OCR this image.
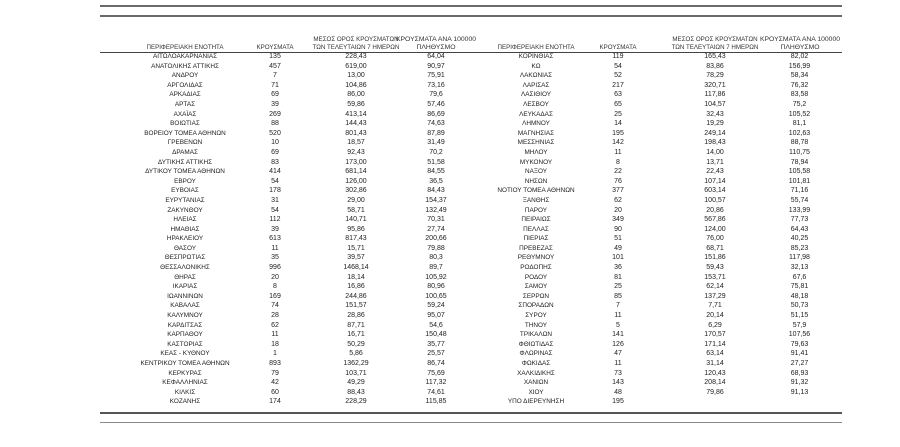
ΠΕΡΙΦΕΡΕΙΑΚΗ ΕΝΟΤΗΤΑ	ΚΡΟΥΣΜΑΤΑ
ΜΕΣΟΣ ΟΡΟΣ ΚΡΟΥΣΜΑΤΩΝ
ΤΩΝ ΤΕΛΕΥΤΑΙΩΝ 7 ΗΜΕΡΩΝ
ΚΡΟΥΣΜΑΤΑ ΑΝΑ 100000
ΠΛΗΘΥΣΜΟ
ΑΙΤΩΛΟΑΚΑΡΝΑΝΙΑΣ	135	228,43	64,04
ΑΝΑΤΟΛΙΚΗΣ ΑΤΤΙΚΗΣ	457	619,00	90,97
ΑΝΔΡΟΥ	7	13,00	75,91
ΑΡΓΟΛΙΔΑΣ	71	104,86	73,16
ΑΡΚΑΔΙΑΣ	69	86,00	79,6
ΑΡΤΑΣ	39	59,86	57,46
ΑΧΑΪΑΣ	269	413,14	86,69
ΒΟΙΩΤΙΑΣ	88	144,43	74,63
ΒΟΡΕΙΟΥ ΤΟΜΕΑ ΑΘΗΝΩΝ	520	801,43	87,89
ΓΡΕΒΕΝΩΝ	10	18,57	31,49
ΔΡΑΜΑΣ	69	92,43	70,2
ΔΥΤΙΚΗΣ ΑΤΤΙΚΗΣ	83	173,00	51,58
ΔΥΤΙΚΟΥ ΤΟΜΕΑ ΑΘΗΝΩΝ	414	681,14	84,55
ΕΒΡΟΥ	54	126,00	36,5
ΕΥΒΟΙΑΣ	178	302,86	84,43
ΕΥΡΥΤΑΝΙΑΣ	31	29,00	154,37
ΖΑΚΥΝΘΟΥ	54	58,71	132,49
ΗΛΕΙΑΣ	112	140,71	70,31
ΗΜΑΘΙΑΣ	39	95,86	27,74
ΗΡΑΚΛΕΙΟΥ	613	817,43	200,66
ΘΑΣΟΥ	11	15,71	79,88
ΘΕΣΠΡΩΤΙΑΣ	35	39,57	80,3
ΘΕΣΣΑΛΟΝΙΚΗΣ	996	1468,14	89,7
ΘΗΡΑΣ	20	18,14	105,92
ΙΚΑΡΙΑΣ	8	16,86	80,96
ΙΩΑΝΝΙΝΩΝ	169	244,86	100,65
ΚΑΒΑΛΑΣ	74	151,57	59,24
ΚΑΛΥΜΝΟΥ	28	28,86	95,07
ΚΑΡΔΙΤΣΑΣ	62	87,71	54,6
ΚΑΡΠΑΘΟΥ	11	16,71	150,48
ΚΑΣΤΟΡΙΑΣ	18	50,29	35,77
ΚΕΑΣ - ΚΥΘΝΟΥ	1	5,86	25,57
ΚΕΝΤΡΙΚΟΥ ΤΟΜΕΑ ΑΘΗΝΩΝ	893	1362,29	86,74
ΚΕΡΚΥΡΑΣ	79	103,71	75,69
ΚΕΦΑΛΛΗΝΙΑΣ	42	49,29	117,32
ΚΙΛΚΙΣ	60	88,43	74,61
ΚΟΖΑΝΗΣ	174	228,29	115,85
ΠΕΡΙΦΕΡΕΙΑΚΗ ΕΝΟΤΗΤΑ	ΚΡΟΥΣΜΑΤΑ
ΜΕΣΟΣ ΟΡΟΣ ΚΡΟΥΣΜΑΤΩΝ
ΤΩΝ ΤΕΛΕΥΤΑΙΩΝ 7 ΗΜΕΡΩΝ
ΚΡΟΥΣΜΑΤΑ ΑΝΑ 100000
ΠΛΗΘΥΣΜΟ
ΚΟΡΙΝΘΙΑΣ	119	165,43	82,02
ΚΩ	54	83,86	156,99
ΛΑΚΩΝΙΑΣ	52	78,29	58,34
ΛΑΡΙΣΑΣ	217	320,71	76,32
ΛΑΣΙΘΙΟΥ	63	117,86	83,58
ΛΕΣΒΟΥ	65	104,57	75,2
ΛΕΥΚΑΔΑΣ	25	32,43	105,52
ΛΗΜΝΟΥ	14	19,29	81,1
ΜΑΓΝΗΣΙΑΣ	195	249,14	102,63
ΜΕΣΣΗΝΙΑΣ	142	198,43	88,78
ΜΗΛΟΥ	11	14,00	110,75
ΜΥΚΟΝΟΥ	8	13,71	78,94
ΝΑΞΟΥ	22	22,43	105,58
ΝΗΣΩΝ	76	107,14	101,81
ΝΟΤΙΟΥ ΤΟΜΕΑ ΑΘΗΝΩΝ	377	603,14	71,16
ΞΑΝΘΗΣ	62	100,57	55,74
ΠΑΡΟΥ	20	20,86	133,99
ΠΕΙΡΑΙΩΣ	349	567,86	77,73
ΠΕΛΛΑΣ	90	124,00	64,43
ΠΙΕΡΙΑΣ	51	76,00	40,25
ΠΡΕΒΕΖΑΣ	49	68,71	85,23
ΡΕΘΥΜΝΟΥ	101	151,86	117,98
ΡΟΔΟΠΗΣ	36	59,43	32,13
ΡΟΔΟΥ	81	153,71	67,6
ΣΑΜΟΥ	25	62,14	75,81
ΣΕΡΡΩΝ	85	137,29	48,18
ΣΠΟΡΑΔΩΝ	7	7,71	50,73
ΣΥΡΟΥ	11	20,14	51,15
ΤΗΝΟΥ	5	6,29	57,9
ΤΡΙΚΑΛΩΝ	141	170,57	107,56
ΦΘΙΩΤΙΔΑΣ	126	171,14	79,63
ΦΛΩΡΙΝΑΣ	47	63,14	91,41
ΦΩΚΙΔΑΣ	11	31,14	27,27
ΧΑΛΚΙΔΙΚΗΣ	73	120,43	68,93
ΧΑΝΙΩΝ	143	208,14	91,32
ΧΙΟΥ	48	79,86	91,13
ΥΠΟ ΔΙΕΡΕΥΝΗΣΗ	195
